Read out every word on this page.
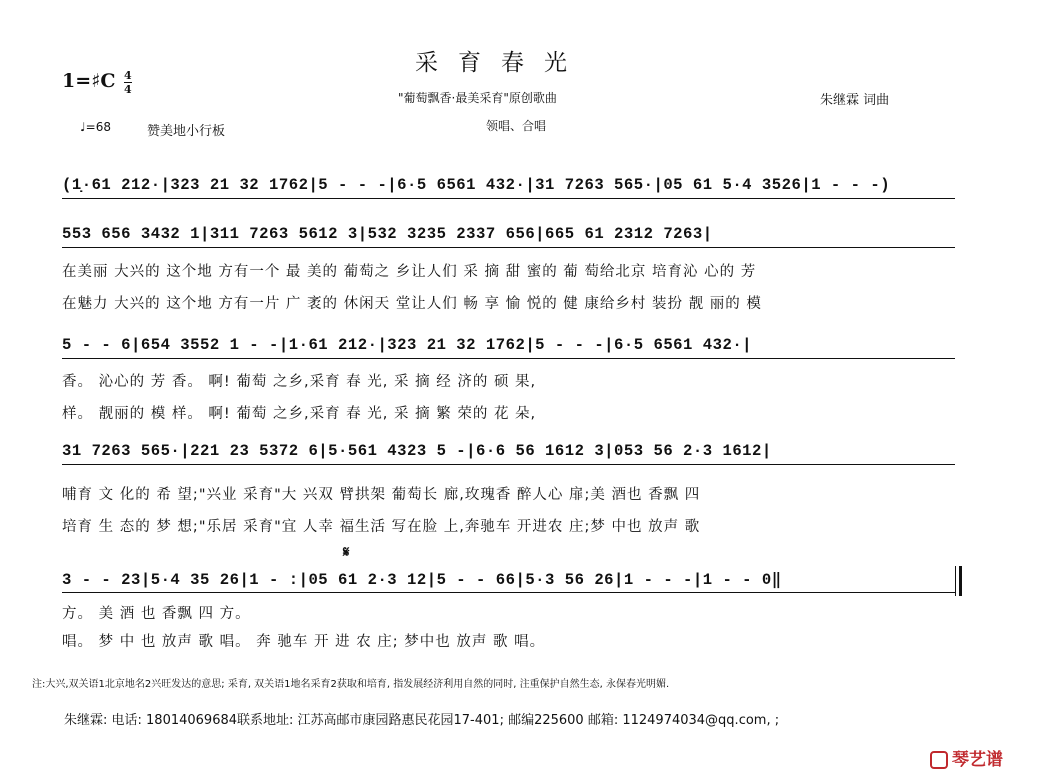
采育春光
1=♯C 4
4
"葡萄飘香·最美采育"原创歌曲
领唱、合唱
朱继霖 词曲
♩=68	赞美地小行板
(1̣·61 212·|323 21 32 1762|5 - - -|6·5 6561 432·|31 7263 565·|05 61 5·4 3526|1 - - -)
553 656 3432 1|311 7263 5612 3|532 3235 2337 656|665 61 2312 7263|
在美丽 大兴的 这个地 方有一个 最 美的 葡萄之 乡让人们 采 摘 甜 蜜的 葡 萄给北京 培育沁 心的 芳
在魅力 大兴的 这个地 方有一片 广 袤的 休闲天 堂让人们 畅 享 愉 悦的 健 康给乡村 装扮 靓 丽的 模
5 - - 6|654 3552 1 - -|1·61 212·|323 21 32 1762|5 - - -|6·5 6561 432·|
香。 沁心的 芳 香。 啊! 葡萄 之乡,采育 春 光, 采 摘 经 济的 硕 果,
样。 靓丽的 模 样。 啊! 葡萄 之乡,采育 春 光, 采 摘 繁 荣的 花 朵,
31 7263 565·|221 23 5372 6|5·561 4323 5 -|6·6 56 1612 3|053 56 2·3 1612|
哺育 文 化的 希 望;"兴业 采育"大 兴双 臂拱架 葡萄长 廊,玫瑰香 醉人心 扉;美 酒也 香飘 四
培育 生 态的 梦 想;"乐居 采育"宜 人幸 福生活 写在脸 上,奔驰车 开进农 庄;梦 中也 放声 歌
𝄋
3 - - 23|5·4 35 26|1 - :|05 61 2·3 12|5 - - 66|5·3 56 26|1 - - -|1 - - 0‖
方。 美 酒 也 香飘 四 方。
唱。 梦 中 也 放声 歌 唱。 奔 驰车 开 进 农 庄; 梦中也 放声 歌 唱。
注:大兴,双关语1北京地名2兴旺发达的意思; 采育, 双关语1地名采育2获取和培育, 指发展经济利用自然的同时, 注重保护自然生态, 永保春光明媚.
朱继霖: 电话: 18014069684联系地址: 江苏高邮市康园路惠民花园17-401; 邮编225600 邮箱: 1124974034@qq.com, ;
琴艺谱
